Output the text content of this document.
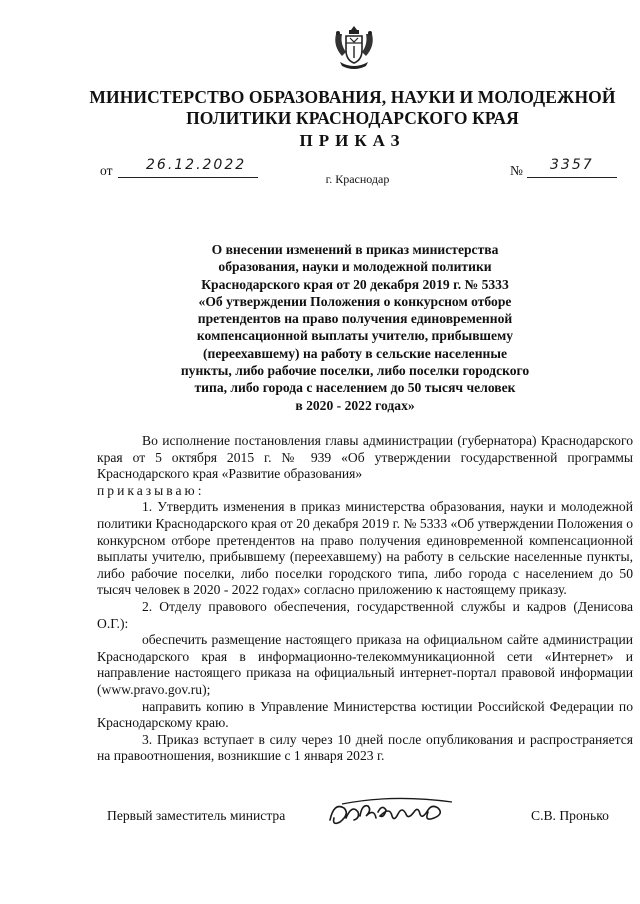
МИНИСТЕРСТВО ОБРАЗОВАНИЯ, НАУКИ И МОЛОДЕЖНОЙ
ПОЛИТИКИ КРАСНОДАРСКОГО КРАЯ
ПРИКАЗ
от 26.12.2022	№ 3357
г. Краснодар
О внесении изменений в приказ министерства
образования, науки и молодежной политики
Краснодарского края от 20 декабря 2019 г. № 5333
«Об утверждении Положения о конкурсном отборе
претендентов на право получения единовременной
компенсационной выплаты учителю, прибывшему
(переехавшему) на работу в сельские населенные
пункты, либо рабочие поселки, либо поселки городского
типа, либо города с населением до 50 тысяч человек
в 2020 - 2022 годах»

Во исполнение постановления главы администрации (губернатора) Краснодарского края от 5 октября 2015 г. № 939 «Об утверждении государственной программы Краснодарского края «Развитие образования»

приказываю:

1. Утвердить изменения в приказ министерства образования, науки и молодежной политики Краснодарского края от 20 декабря 2019 г. № 5333 «Об утверждении Положения о конкурсном отборе претендентов на право получения единовременной компенсационной выплаты учителю, прибывшему (переехавшему) на работу в сельские населенные пункты, либо рабочие поселки, либо поселки городского типа, либо города с населением до 50 тысяч человек в 2020 - 2022 годах» согласно приложению к настоящему приказу.

2. Отделу правового обеспечения, государственной службы и кадров (Денисова О.Г.):

обеспечить размещение настоящего приказа на официальном сайте администрации Краснодарского края в информационно-телекоммуникационной сети «Интернет» и направление настоящего приказа на официальный интернет-портал правовой информации (www.pravo.gov.ru);

направить копию в Управление Министерства юстиции Российской Федерации по Краснодарскому краю.

3. Приказ вступает в силу через 10 дней после опубликования и распространяется на правоотношения, возникшие с 1 января 2023 г.

Первый заместитель министра	С.В. Пронько
